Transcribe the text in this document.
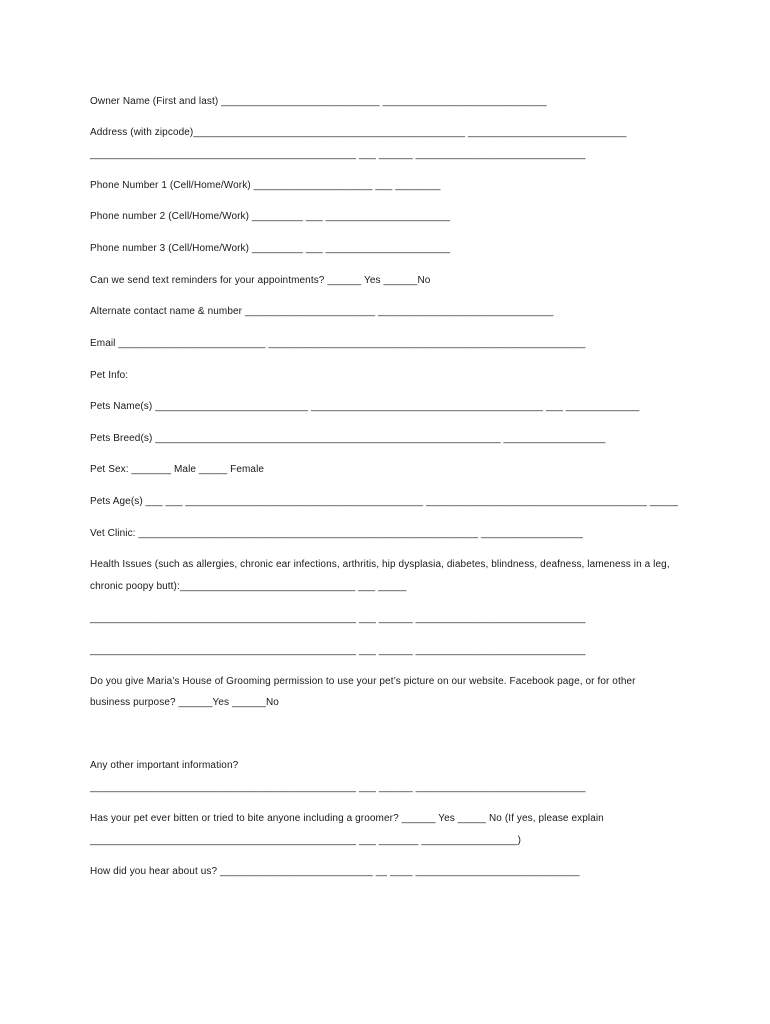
Owner Name (First and last) ____________________________ _____________________________
Address (with zipcode)________________________________________________ ____________________________
_______________________________________________ ___ ______ ______________________________
Phone Number 1 (Cell/Home/Work) _____________________ ___ ________
Phone number 2 (Cell/Home/Work) _________ ___ ______________________
Phone number 3 (Cell/Home/Work) _________ ___ ______________________
Can we send text reminders for your appointments? ______ Yes ______No
Alternate contact name & number _______________________ _______________________________
Email __________________________ ________________________________________________________
Pet Info:
Pets Name(s) ___________________________ _________________________________________ ___ _____________
Pets Breed(s) _____________________________________________________________ __________________
Pet Sex: _______ Male _____ Female
Pets Age(s) ___ ___ __________________________________________ _______________________________________ _____
Vet Clinic: ____________________________________________________________ __________________
Health Issues (such as allergies, chronic ear infections, arthritis, hip dysplasia, diabetes, blindness, deafness, lameness in a leg,
chronic poopy butt):_______________________________ ___ _____
_______________________________________________ ___ ______ ______________________________
_______________________________________________ ___ ______ ______________________________
Do you give Maria’s House of Grooming permission to use your pet’s picture on our website. Facebook page, or for other
business purpose? ______Yes ______No
Any other important information?
_______________________________________________ ___ ______ ______________________________
Has your pet ever bitten or tried to bite anyone including a groomer? ______ Yes _____ No (If yes, please explain
_______________________________________________ ___ _______ _________________)
How did you hear about us? ___________________________ __ ____ _____________________________
